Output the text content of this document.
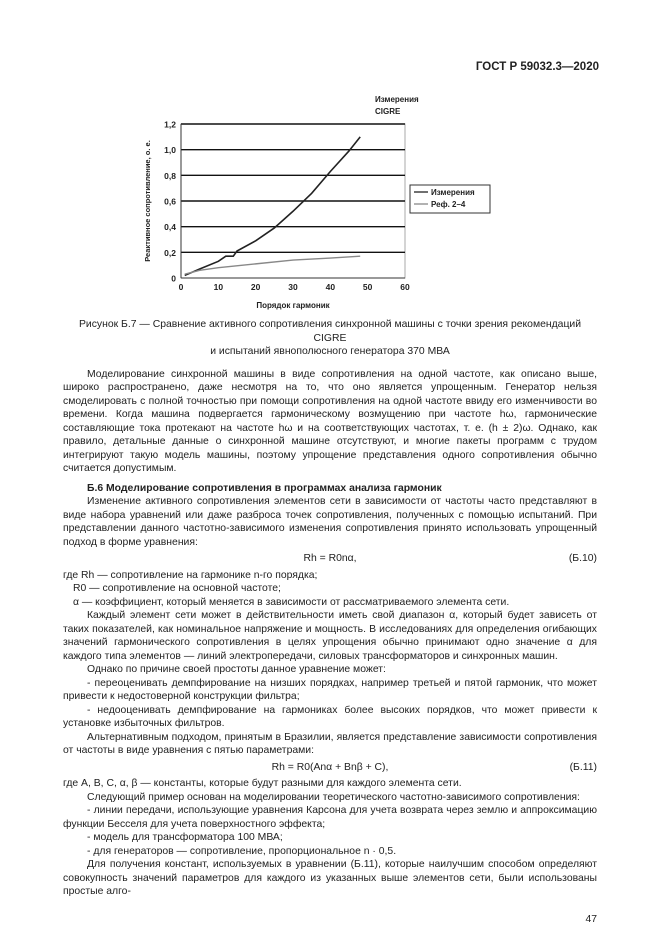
ГОСТ Р 59032.3—2020
0
0,2
0,4
0,6
0,8
1,0
1,2
0	10	20	30	40	50	60
Порядок гармоник
Реактивное сопротивление, о. е.
Измерения
CIGRE
Измерения
Реф. 2–4

Рисунок Б.7 — Сравнение активного сопротивления синхронной машины с точки зрения рекомендаций CIGRE
и испытаний явнополюсного генератора 370 МВА

Моделирование синхронной машины в виде сопротивления на одной частоте, как описано выше, широко распространено, даже несмотря на то, что оно является упрощенным. Генератор нельзя смоделировать с полной точностью при помощи сопротивления на одной частоте ввиду его изменчивости во времени. Когда машина подвергается гармоническому возмущению при частоте hω, гармонические составляющие тока протекают на частоте hω и на соответствующих частотах, т. е. (h ± 2)ω. Однако, как правило, детальные данные о синхронной машине отсутствуют, и многие пакеты программ с трудом интегрируют такую модель машины, поэтому упрощение представления одного сопротивления обычно считается допустимым.

Б.6 Моделирование сопротивления в программах анализа гармоник

Изменение активного сопротивления элементов сети в зависимости от частоты часто представляют в виде набора уравнений или даже разброса точек сопротивления, полученных с помощью испытаний. При представлении данного частотно-зависимого изменения сопротивления принято использовать упрощенный подход в форме уравнения:

Rh = R0nα,	(Б.10)

где Rh — сопротивление на гармонике n-го порядка;

R0 — сопротивление на основной частоте;

α — коэффициент, который меняется в зависимости от рассматриваемого элемента сети.

Каждый элемент сети может в действительности иметь свой диапазон α, который будет зависеть от таких показателей, как номинальное напряжение и мощность. В исследованиях для определения огибающих значений гармонического сопротивления в целях упрощения обычно принимают одно значение α для каждого типа элементов — линий электропередачи, силовых трансформаторов и синхронных машин.

Однако по причине своей простоты данное уравнение может:

- переоценивать демпфирование на низших порядках, например третьей и пятой гармоник, что может привести к недостоверной конструкции фильтра;

- недооценивать демпфирование на гармониках более высоких порядков, что может привести к установке избыточных фильтров.

Альтернативным подходом, принятым в Бразилии, является представление зависимости сопротивления от частоты в виде уравнения с пятью параметрами:

Rh = R0(Anα + Bnβ + C),	(Б.11)

где A, B, C, α, β — константы, которые будут разными для каждого элемента сети.

Следующий пример основан на моделировании теоретического частотно-зависимого сопротивления:

- линии передачи, использующие уравнения Карсона для учета возврата через землю и аппроксимацию функции Бесселя для учета поверхностного эффекта;

- модель для трансформатора 100 МВА;

- для генераторов — сопротивление, пропорциональное n · 0,5.

Для получения констант, используемых в уравнении (Б.11), которые наилучшим способом определяют совокупность значений параметров для каждого из указанных выше элементов сети, были использованы простые алго-

47
